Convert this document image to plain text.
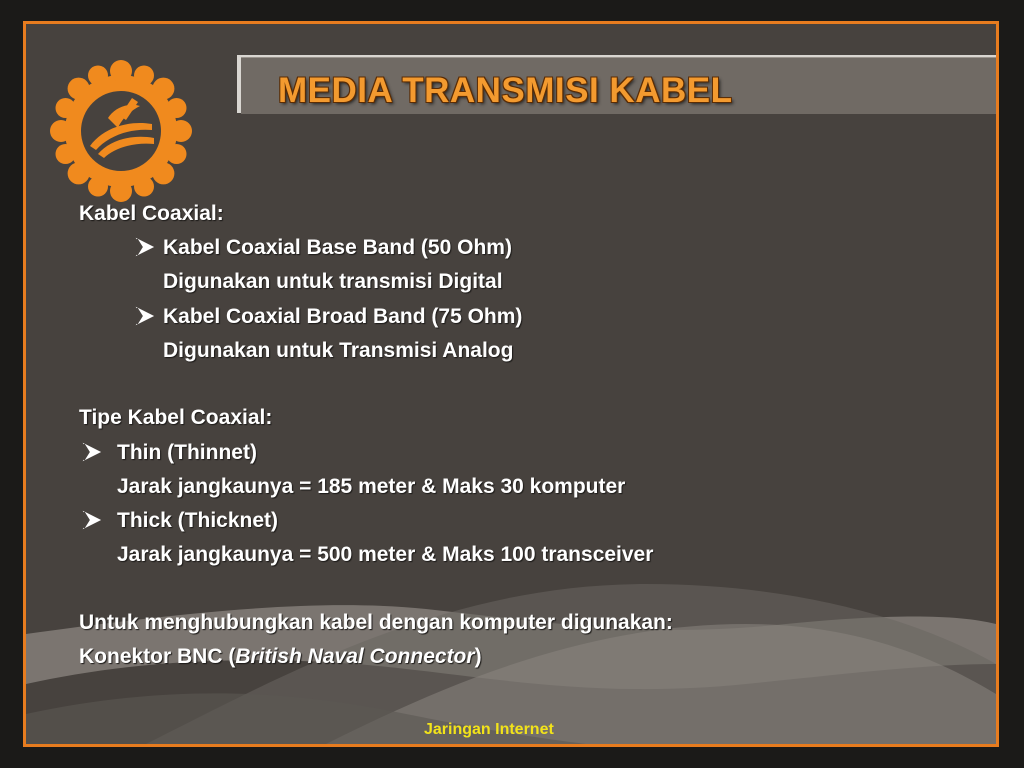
MEDIA TRANSMISI KABEL
Kabel Coaxial:
Kabel Coaxial Base Band (50 Ohm)
Digunakan untuk transmisi Digital
Kabel Coaxial Broad Band (75 Ohm)
Digunakan untuk Transmisi Analog
Tipe Kabel Coaxial:
Thin (Thinnet)
Jarak jangkaunya = 185 meter & Maks 30 komputer
Thick (Thicknet)
Jarak jangkaunya = 500 meter & Maks 100 transceiver
Untuk menghubungkan kabel dengan komputer digunakan:
Konektor BNC (British Naval Connector)
Jaringan Internet
